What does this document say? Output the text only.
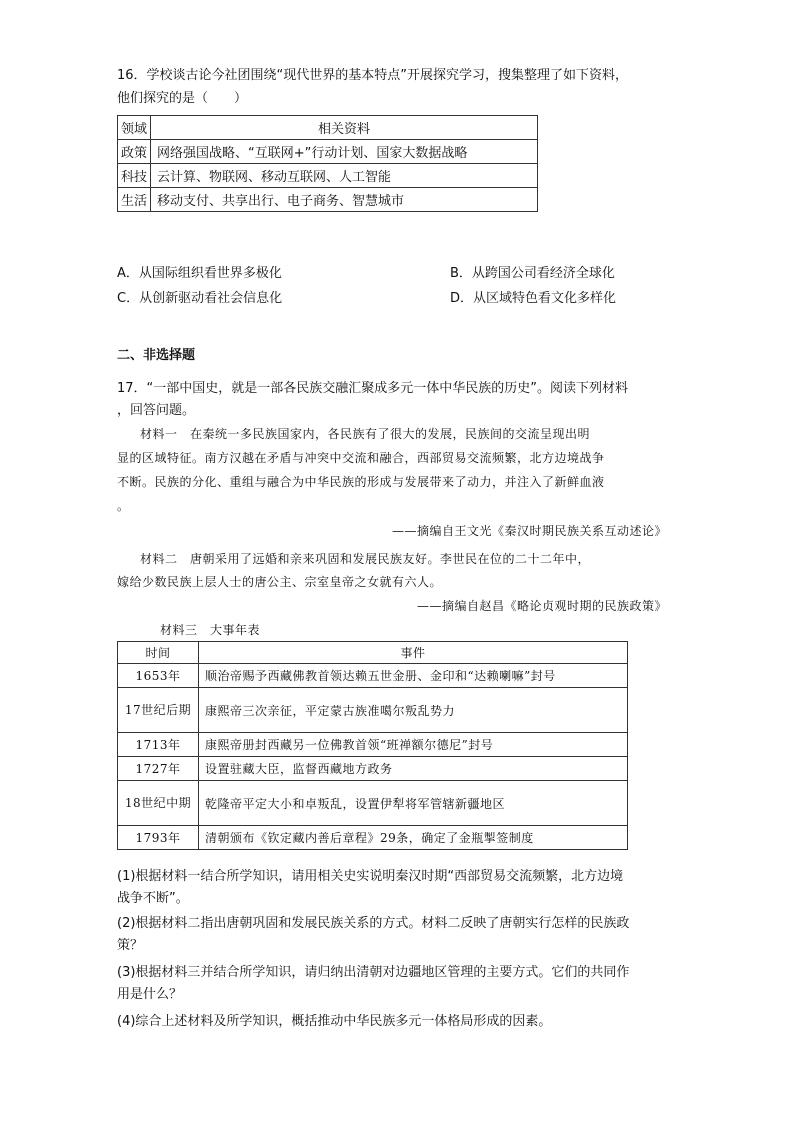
16．学校谈古论今社团围绕“现代世界的基本特点”开展探究学习，搜集整理了如下资料，
他们探究的是（　　）
领域	相关资料
政策	网络强国战略、“互联网+”行动计划、国家大数据战略
科技	云计算、物联网、移动互联网、人工智能
生活	移动支付、共享出行、电子商务、智慧城市
A．从国际组织看世界多极化	B．从跨国公司看经济全球化
C．从创新驱动看社会信息化	D．从区域特色看文化多样化
二、非选择题
17．“一部中国史，就是一部各民族交融汇聚成多元一体中华民族的历史”。阅读下列材料
，回答问题。
材料一　在秦统一多民族国家内，各民族有了很大的发展，民族间的交流呈现出明
显的区域特征。南方汉越在矛盾与冲突中交流和融合，西部贸易交流频繁，北方边境战争
不断。民族的分化、重组与融合为中华民族的形成与发展带来了动力，并注入了新鲜血液
。
——摘编自王文光《秦汉时期民族关系互动述论》
材料二　唐朝采用了远婚和亲来巩固和发展民族友好。李世民在位的二十二年中，
嫁给少数民族上层人士的唐公主、宗室皇帝之女就有六人。
——摘编自赵昌《略论贞观时期的民族政策》
材料三　大事年表
时间	事件
1653年	顺治帝赐予西藏佛教首领达赖五世金册、金印和“达赖喇嘛”封号
17世纪后期	康熙帝三次亲征，平定蒙古族准噶尔叛乱势力
1713年	康熙帝册封西藏另一位佛教首领“班禅额尔德尼”封号
1727年	设置驻藏大臣，监督西藏地方政务
18世纪中期	乾隆帝平定大小和卓叛乱，设置伊犁将军管辖新疆地区
1793年	清朝颁布《钦定藏内善后章程》29条，确定了金瓶掣签制度
(1)根据材料一结合所学知识，请用相关史实说明秦汉时期“西部贸易交流频繁，北方边境
战争不断”。
(2)根据材料二指出唐朝巩固和发展民族关系的方式。材料二反映了唐朝实行怎样的民族政
策？
(3)根据材料三并结合所学知识，请归纳出清朝对边疆地区管理的主要方式。它们的共同作
用是什么？
(4)综合上述材料及所学知识，概括推动中华民族多元一体格局形成的因素。
